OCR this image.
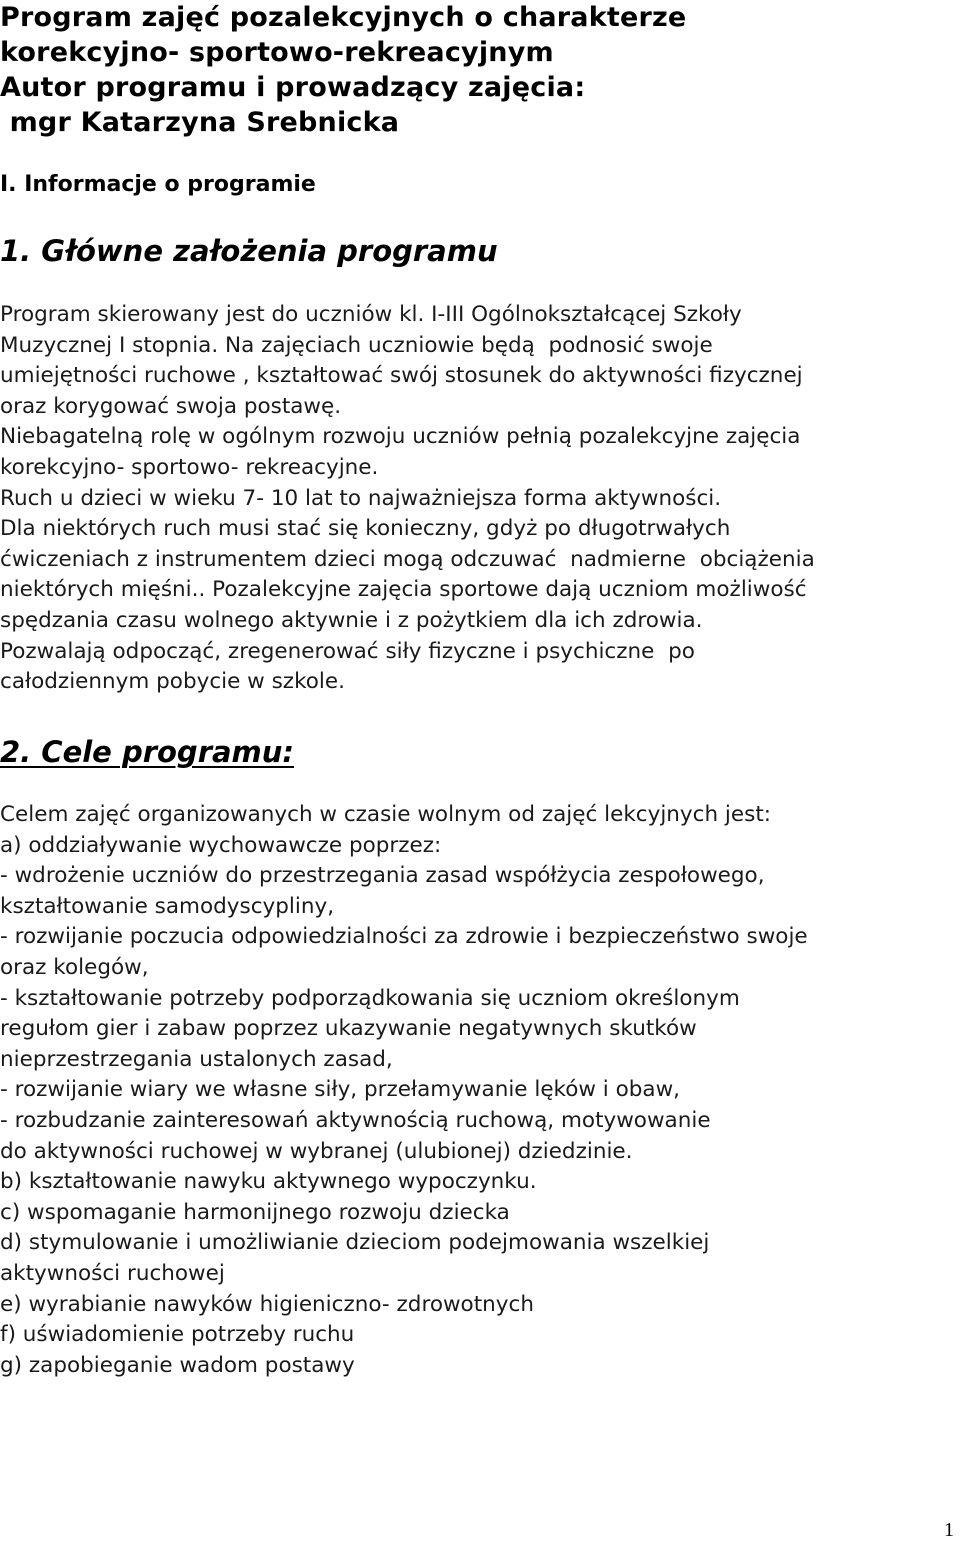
Program zajęć pozalekcyjnych o charakterze

korekcyjno- sportowo-rekreacyjnym

Autor programu i prowadzący zajęcia:

mgr Katarzyna Srebnicka

I. Informacje o programie

1. Główne założenia programu

Program skierowany jest do uczniów kl. I-III Ogólnokształcącej Szkoły
Muzycznej I stopnia. Na zajęciach uczniowie będą  podnosić swoje
umiejętności ruchowe , kształtować swój stosunek do aktywności fizycznej
oraz korygować swoja postawę.
Niebagatelną rolę w ogólnym rozwoju uczniów pełnią pozalekcyjne zajęcia
korekcyjno- sportowo- rekreacyjne.
Ruch u dzieci w wieku 7- 10 lat to najważniejsza forma aktywności.
Dla niektórych ruch musi stać się konieczny, gdyż po długotrwałych
ćwiczeniach z instrumentem dzieci mogą odczuwać  nadmierne  obciążenia
niektórych mięśni.. Pozalekcyjne zajęcia sportowe dają uczniom możliwość
spędzania czasu wolnego aktywnie i z pożytkiem dla ich zdrowia.
Pozwalają odpocząć, zregenerować siły fizyczne i psychiczne  po
całodziennym pobycie w szkole.

2. Cele programu:

Celem zajęć organizowanych w czasie wolnym od zajęć lekcyjnych jest:
a) oddziaływanie wychowawcze poprzez:
- wdrożenie uczniów do przestrzegania zasad współżycia zespołowego,
kształtowanie samodyscypliny,
- rozwijanie poczucia odpowiedzialności za zdrowie i bezpieczeństwo swoje
oraz kolegów,
- kształtowanie potrzeby podporządkowania się uczniom określonym
regułom gier i zabaw poprzez ukazywanie negatywnych skutków
nieprzestrzegania ustalonych zasad,
- rozwijanie wiary we własne siły, przełamywanie lęków i obaw,
- rozbudzanie zainteresowań aktywnością ruchową, motywowanie
do aktywności ruchowej w wybranej (ulubionej) dziedzinie.
b) kształtowanie nawyku aktywnego wypoczynku.
c) wspomaganie harmonijnego rozwoju dziecka
d) stymulowanie i umożliwianie dzieciom podejmowania wszelkiej
aktywności ruchowej
e) wyrabianie nawyków higieniczno- zdrowotnych
f) uświadomienie potrzeby ruchu
g) zapobieganie wadom postawy
1
